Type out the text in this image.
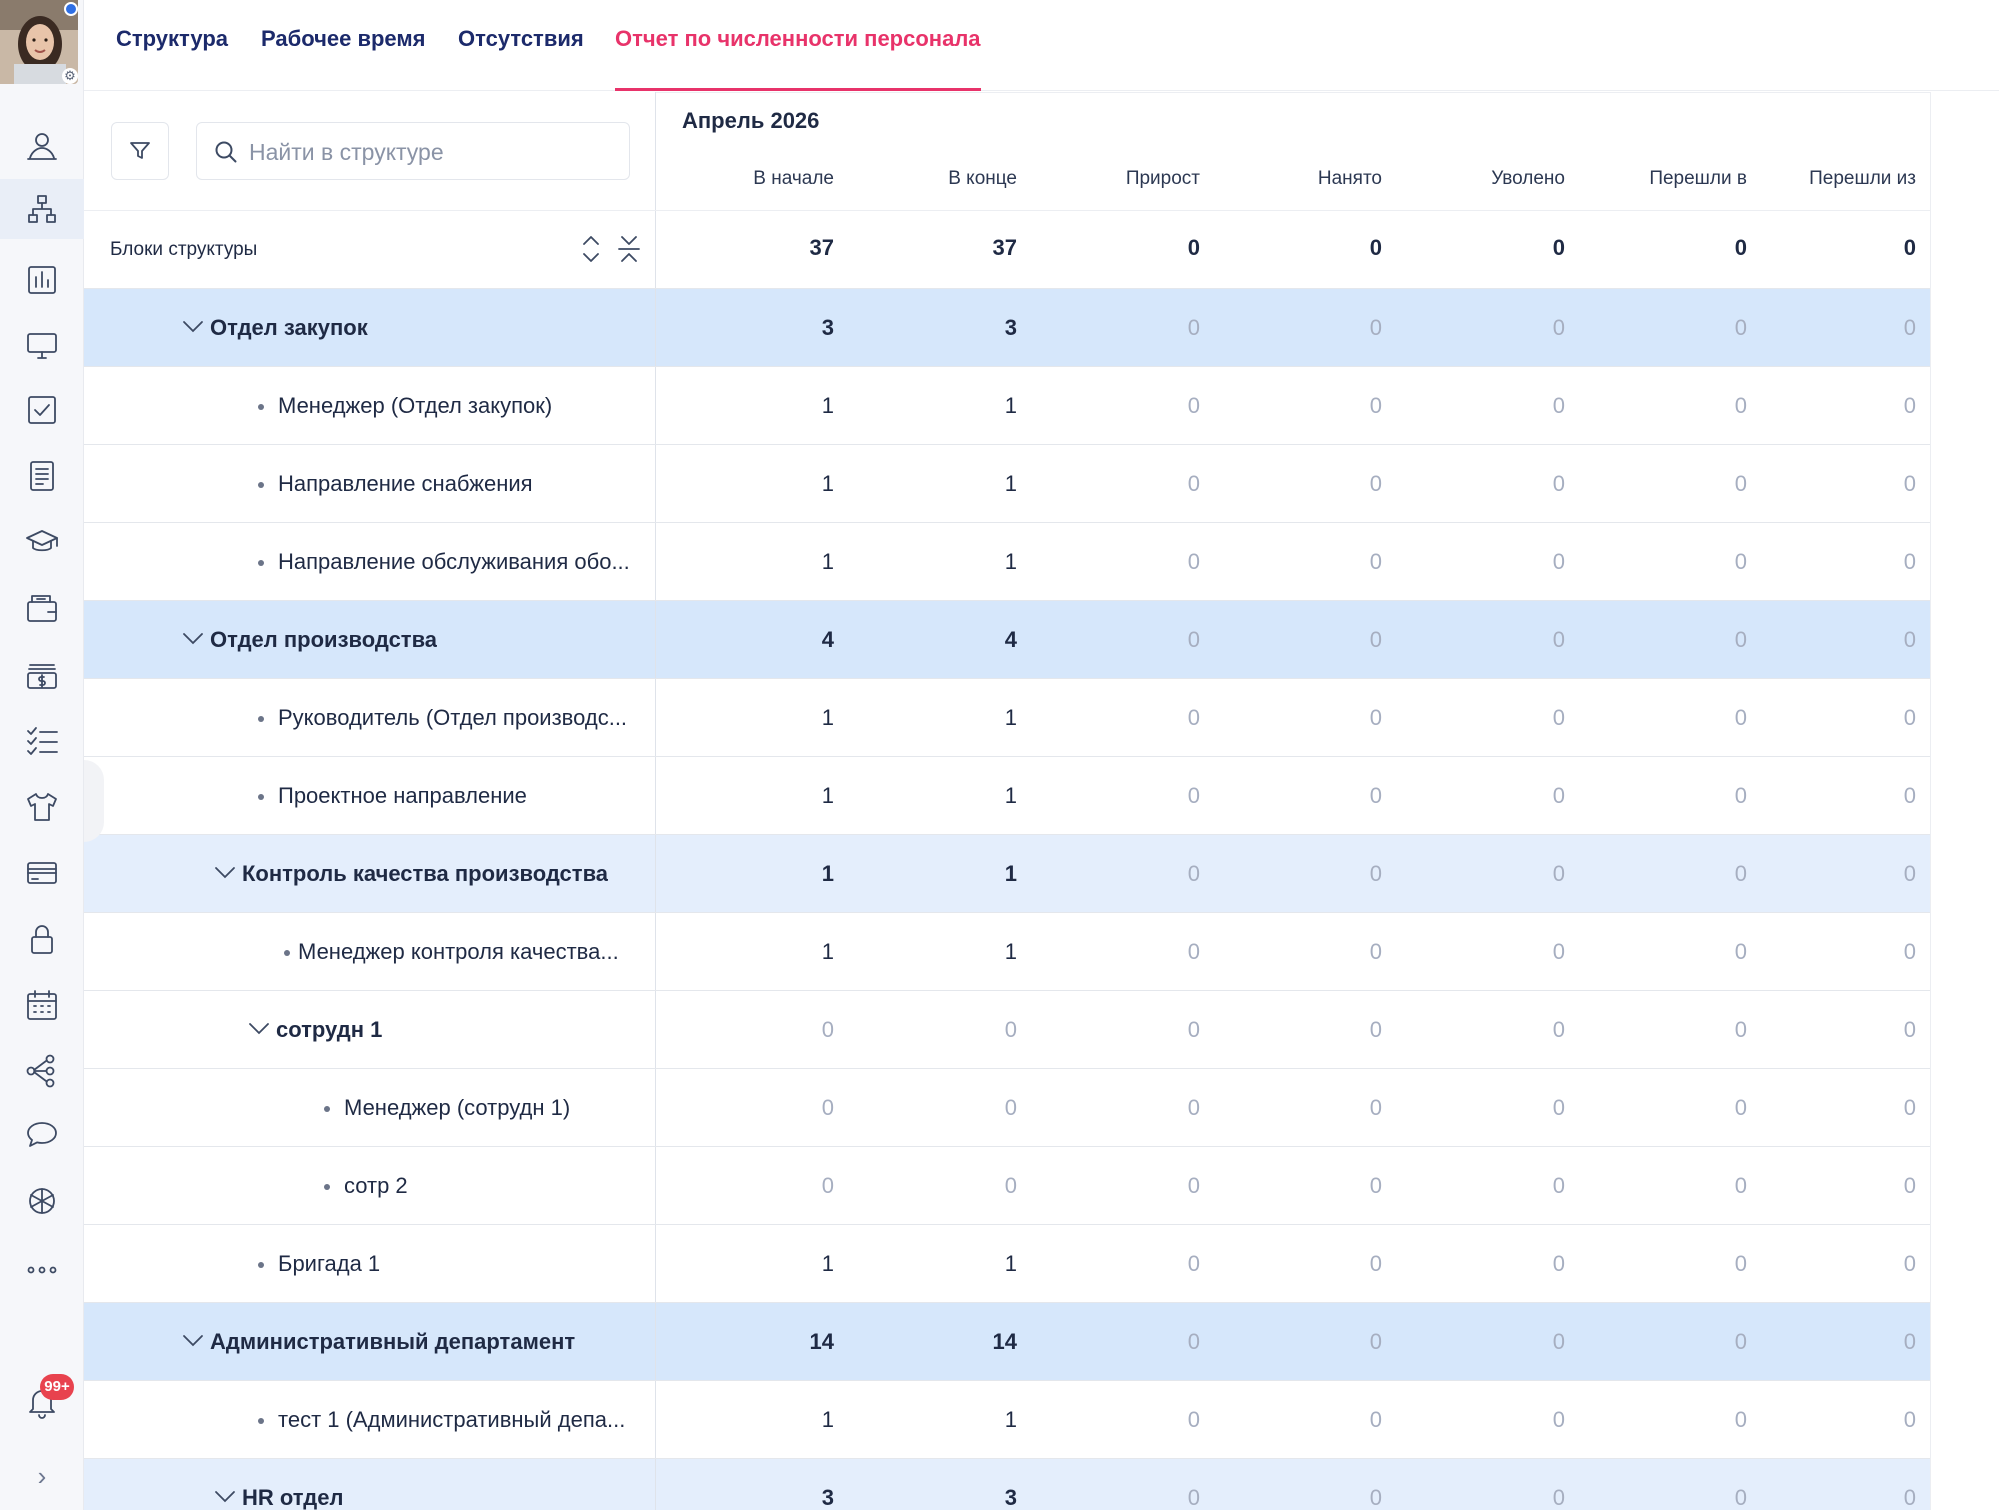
⚙
99+
›
Структура Рабочее время Отсутствия Отчет по численности персонала
Найти в структуре
Блоки структуры
Апрель 2026
В начале	В конце	Прирост	Нанято	Уволено	Перешли в	Перешли из
37	37	0	0	0	0	0
Отдел закупок	3	3	0	0	0	0	0
Менеджер (Отдел закупок)	1	1	0	0	0	0	0
Направление снабжения	1	1	0	0	0	0	0
Направление обслуживания обо...	1	1	0	0	0	0	0
Отдел производства	4	4	0	0	0	0	0
Руководитель (Отдел производс...	1	1	0	0	0	0	0
Проектное направление	1	1	0	0	0	0	0
Контроль качества производства	1	1	0	0	0	0	0
Менеджер контроля качества...	1	1	0	0	0	0	0
сотрудн 1	0	0	0	0	0	0	0
Менеджер (сотрудн 1)	0	0	0	0	0	0	0
сотр 2	0	0	0	0	0	0	0
Бригада 1	1	1	0	0	0	0	0
Административный департамент	14	14	0	0	0	0	0
тест 1 (Административный депа...	1	1	0	0	0	0	0
HR отдел	3	3	0	0	0	0	0
